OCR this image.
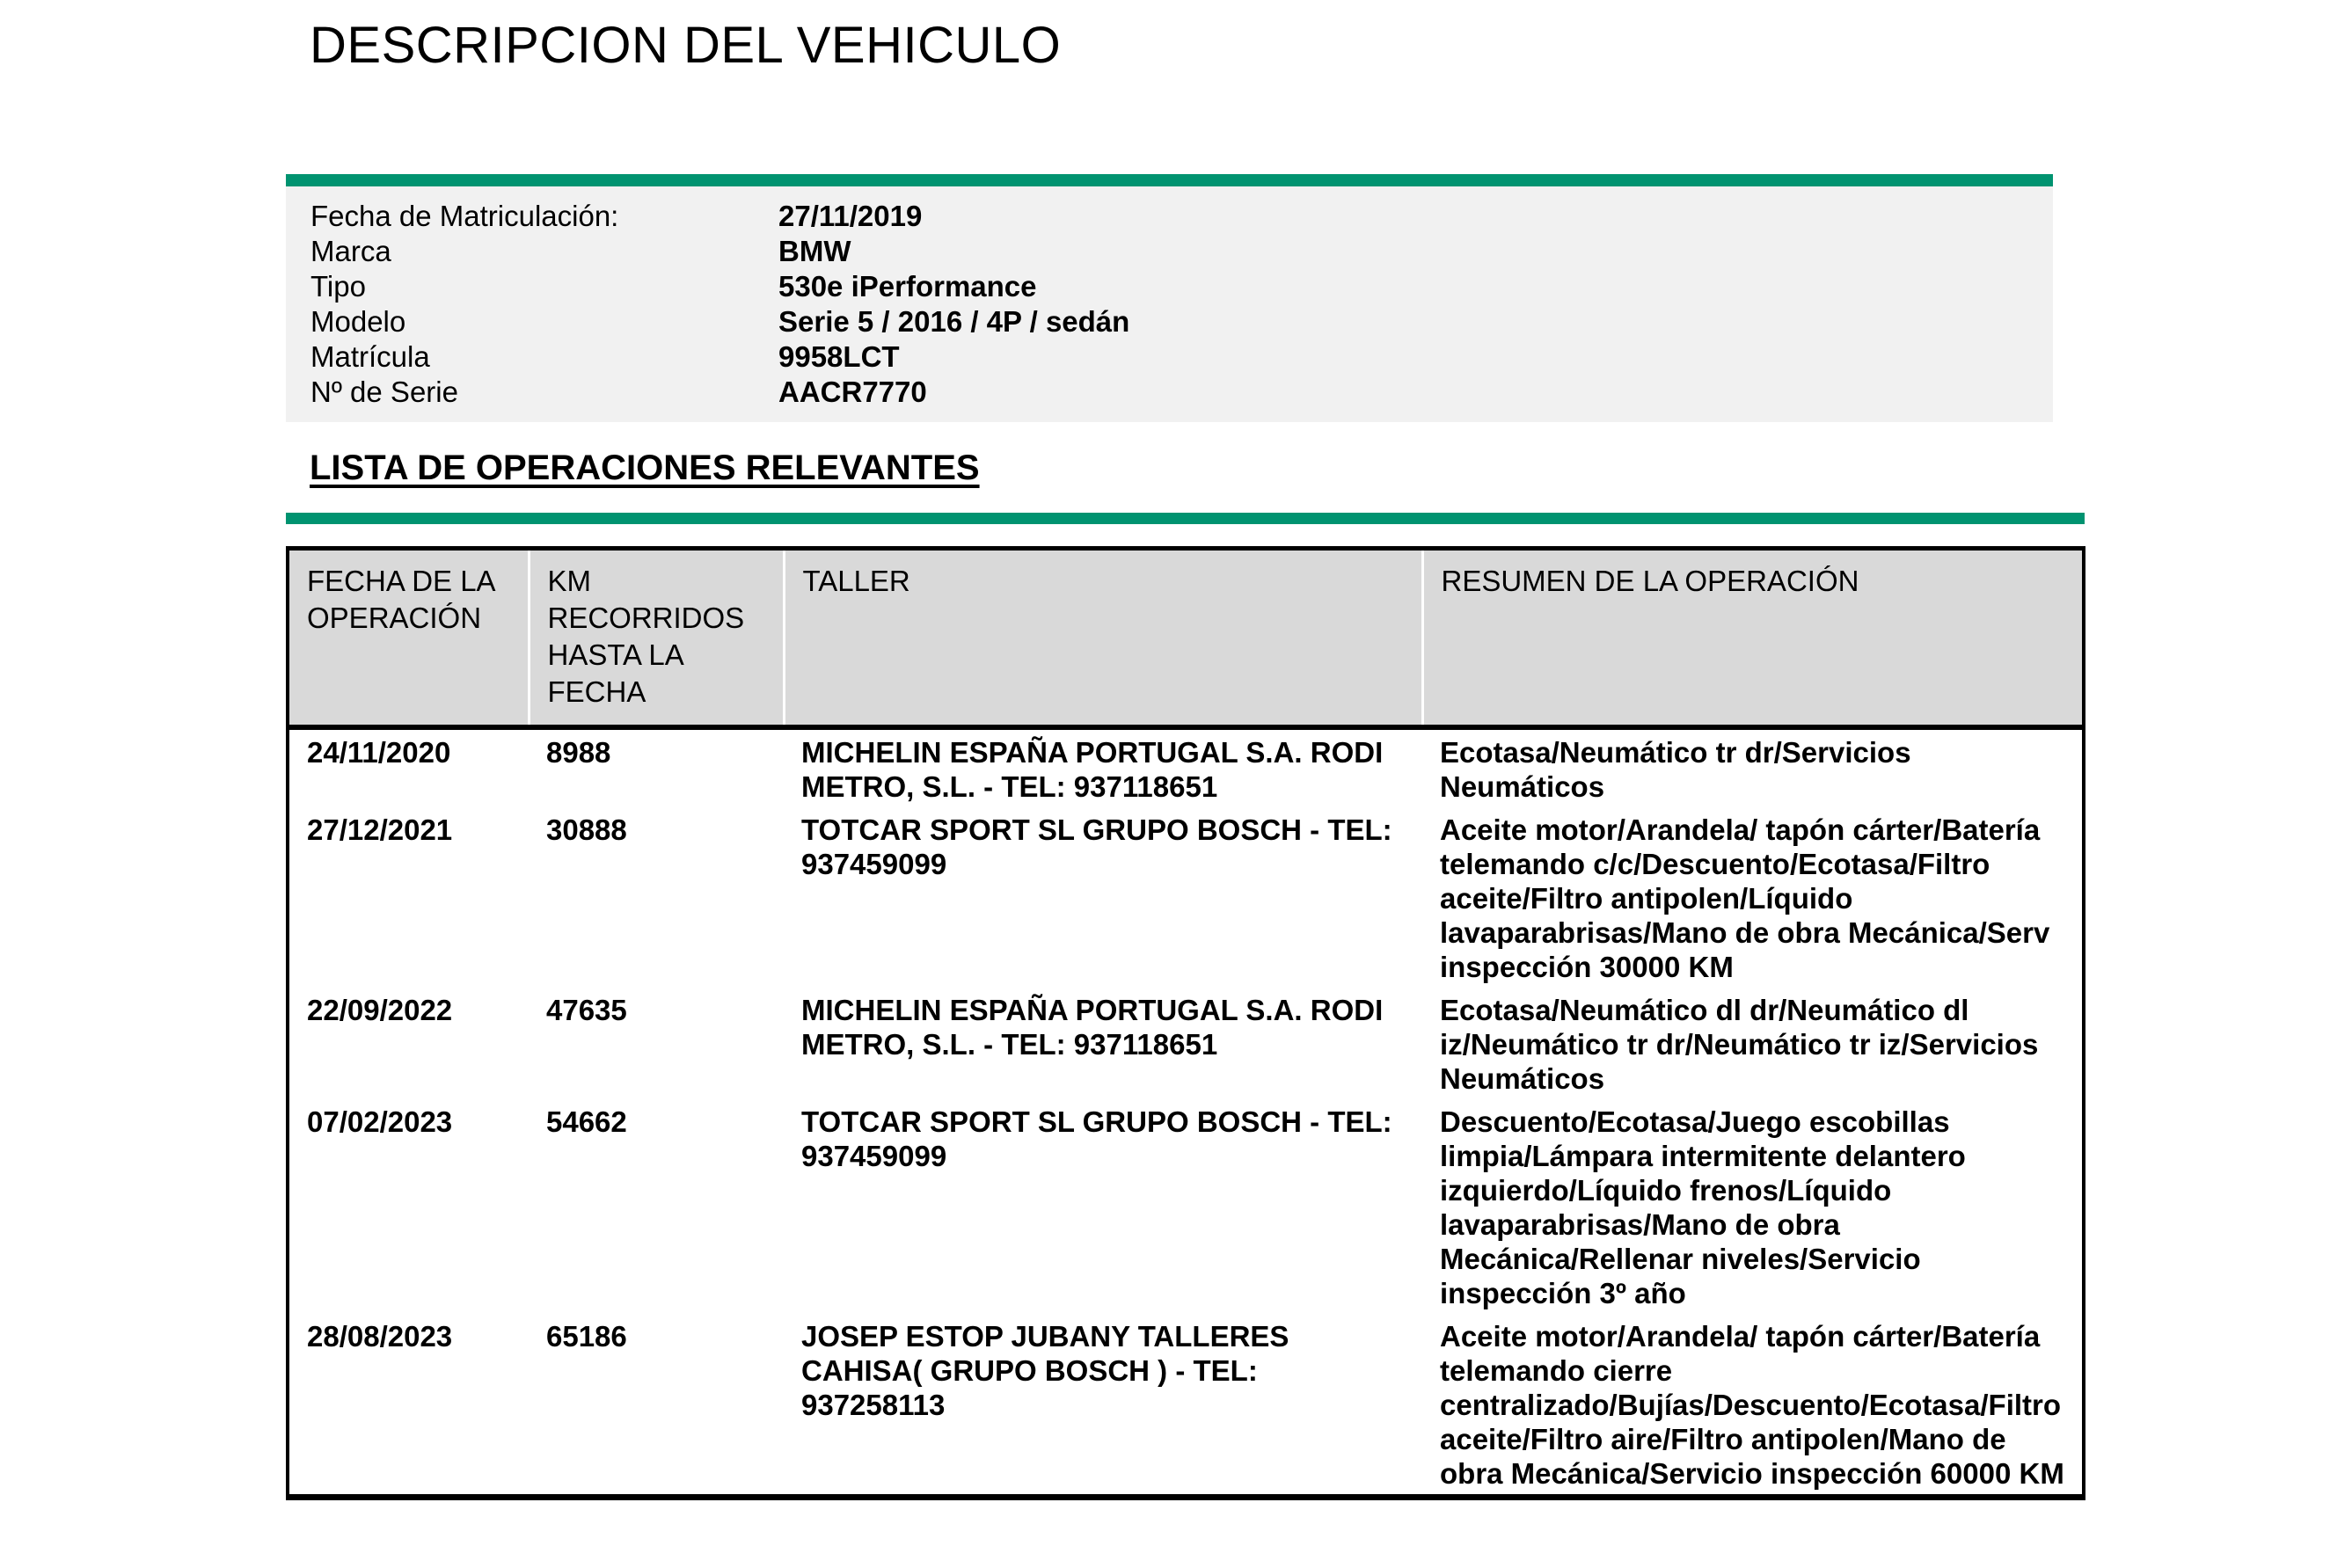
DESCRIPCION DEL VEHICULO
Fecha de Matriculación:	27/11/2019
Marca	BMW
Tipo	530e iPerformance
Modelo	Serie 5 / 2016 / 4P / sedán
Matrícula	9958LCT
Nº de Serie	AACR7770
LISTA DE OPERACIONES RELEVANTES
FECHA DE LA OPERACIÓN	KM RECORRIDOS HASTA LA FECHA	TALLER	RESUMEN DE LA OPERACIÓN
24/11/2020	8988	MICHELIN ESPAÑA PORTUGAL S.A. RODI METRO, S.L. - TEL: 937118651	Ecotasa/Neumático tr dr/Servicios Neumáticos
27/12/2021	30888	TOTCAR SPORT SL GRUPO BOSCH - TEL: 937459099	Aceite motor/Arandela/ tapón cárter/Batería telemando c/c/Descuento/Ecotasa/Filtro aceite/Filtro antipolen/Líquido lavaparabrisas/Mano de obra Mecánica/Serv inspección 30000 KM
22/09/2022	47635	MICHELIN ESPAÑA PORTUGAL S.A. RODI METRO, S.L. - TEL: 937118651	Ecotasa/Neumático dl dr/Neumático dl iz/Neumático tr dr/Neumático tr iz/Servicios Neumáticos
07/02/2023	54662	TOTCAR SPORT SL GRUPO BOSCH - TEL: 937459099	Descuento/Ecotasa/Juego escobillas limpia/Lámpara intermitente delantero izquierdo/Líquido frenos/Líquido lavaparabrisas/Mano de obra Mecánica/Rellenar niveles/Servicio inspección 3º año
28/08/2023	65186	JOSEP ESTOP JUBANY TALLERES CAHISA( GRUPO BOSCH ) - TEL: 937258113	Aceite motor/Arandela/ tapón cárter/Batería telemando cierre centralizado/Bujías/Descuento/Ecotasa/Filtro aceite/Filtro aire/Filtro antipolen/Mano de obra Mecánica/Servicio inspección 60000 KM
